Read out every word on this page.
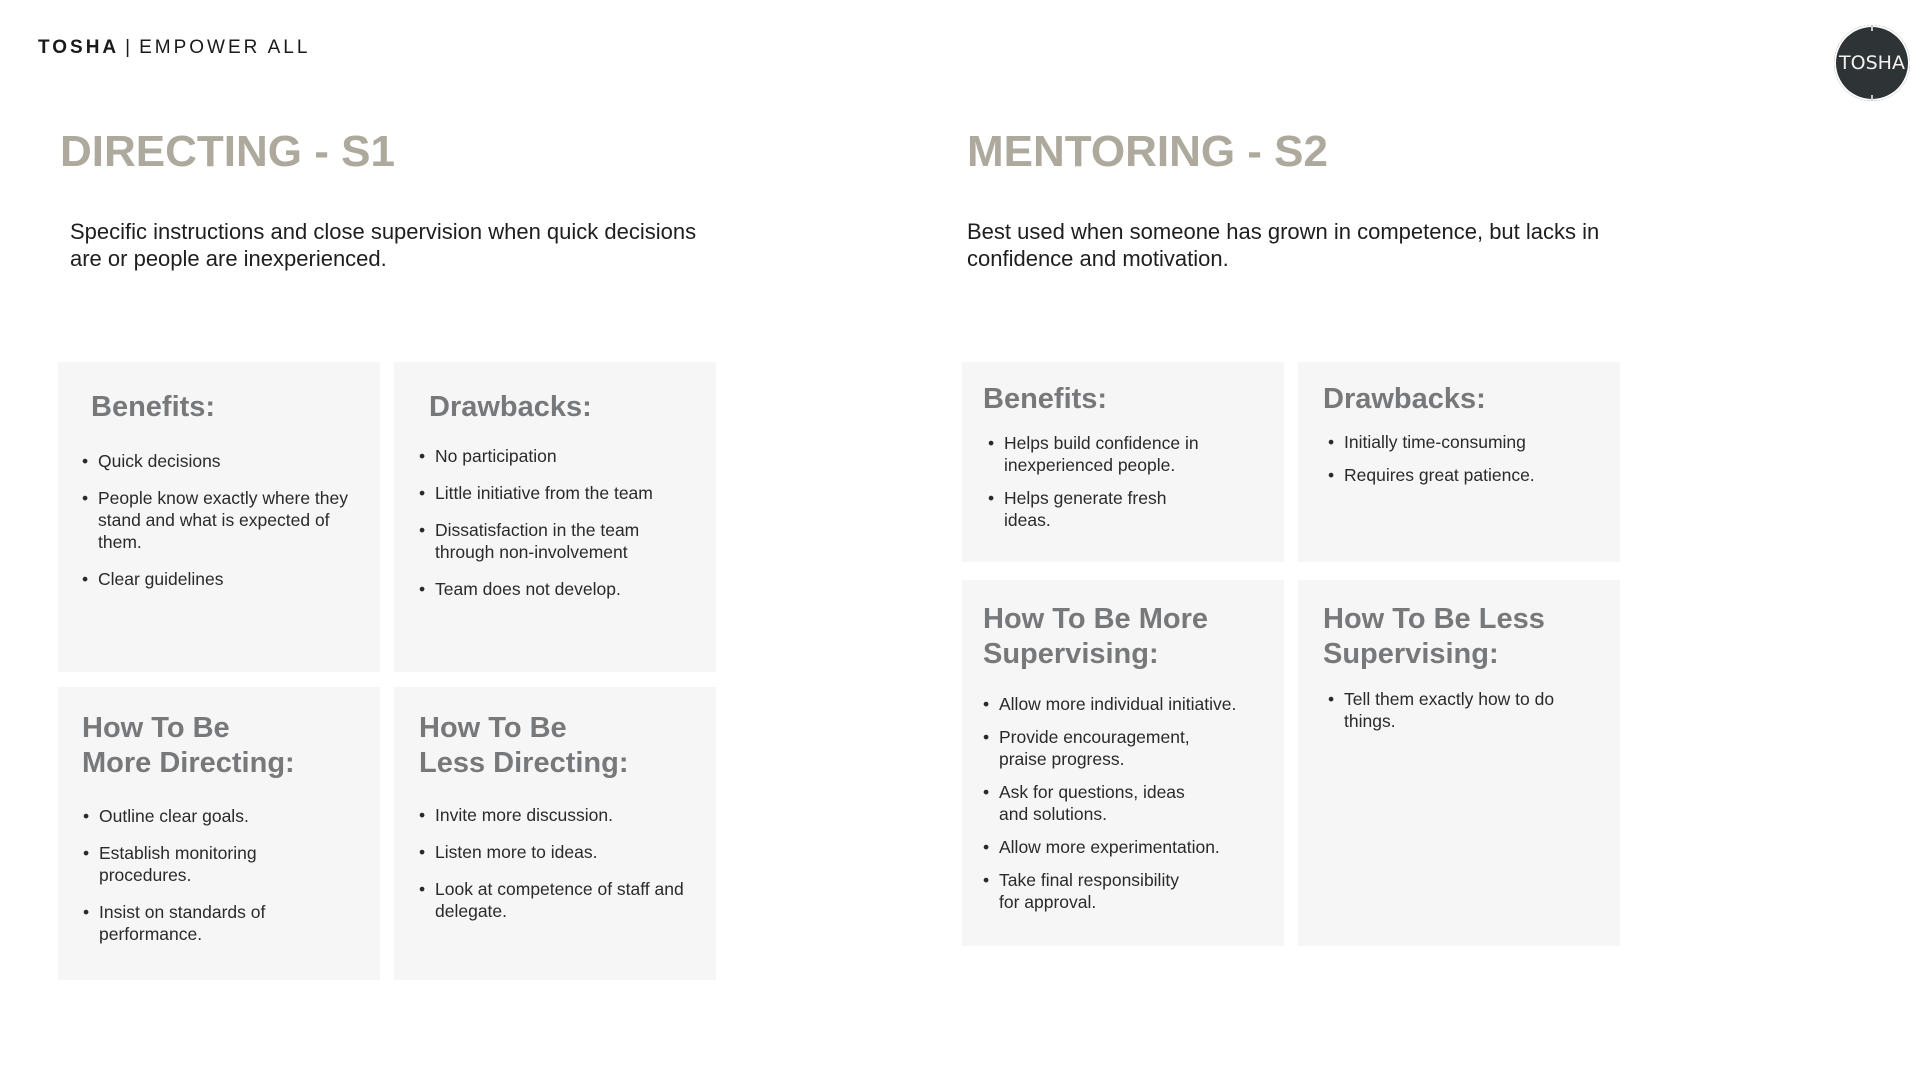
TOSHA | EMPOWER ALL
TOSHA
DIRECTING - S1

Specific instructions and close supervision when quick decisions are or people are inexperienced.

Benefits:
• Quick decisions
• People know exactly where they stand and what is expected of them.
• Clear guidelines
Drawbacks:
• No participation
• Little initiative from the team
• Dissatisfaction in the team through non-involvement
• Team does not develop.
How To Be
More Directing:
• Outline clear goals.
• Establish monitoring procedures.
• Insist on standards of performance.
How To Be
Less Directing:
• Invite more discussion.
• Listen more to ideas.
• Look at competence of staff and delegate.
MENTORING - S2

Best used when someone has grown in competence, but lacks in confidence and motivation.

Benefits:
• Helps build confidence in inexperienced people.
• Helps generate fresh ideas.
Drawbacks:
• Initially time-consuming
• Requires great patience.
How To Be More
Supervising:
• Allow more individual initiative.
• Provide encouragement, praise progress.
• Ask for questions, ideas and solutions.
• Allow more experimentation.
• Take final responsibility for approval.
How To Be Less
Supervising:
• Tell them exactly how to do things.
